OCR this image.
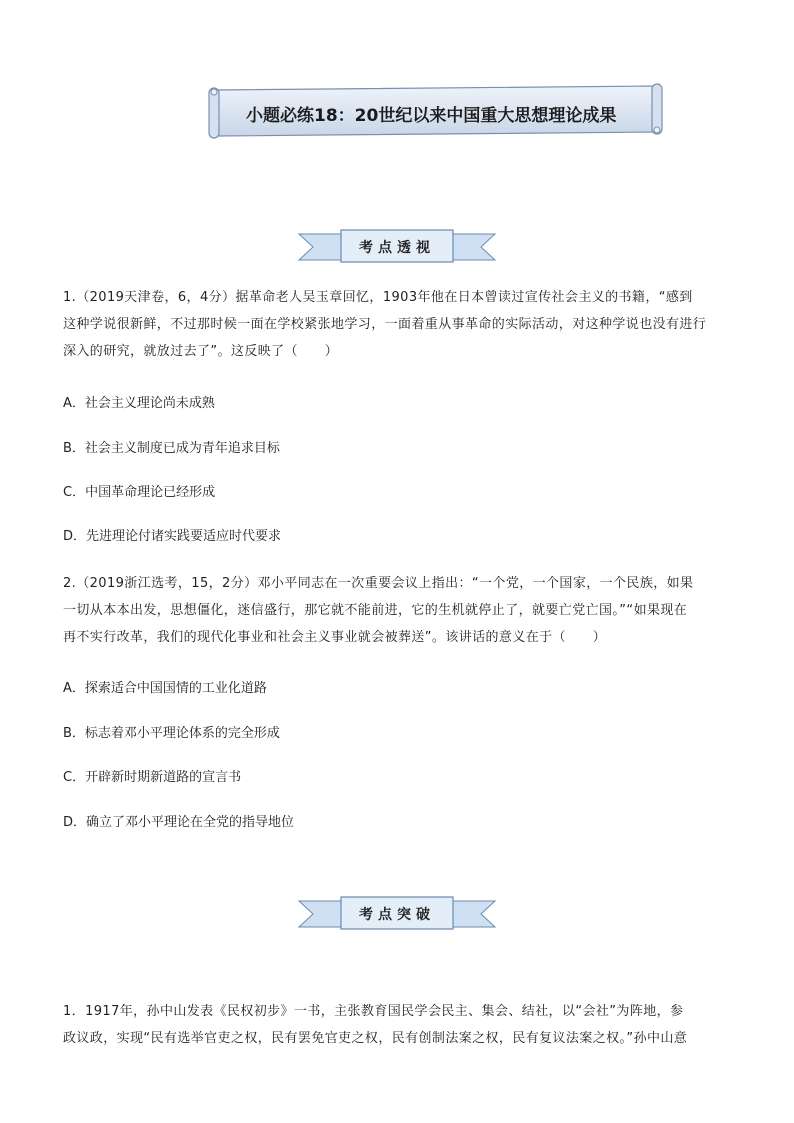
小题必练18：20世纪以来中国重大思想理论成果
考点透视
1.（2019天津卷，6，4分）据革命老人吴玉章回忆，1903年他在日本曾读过宣传社会主义的书籍，“感到
这种学说很新鲜，不过那时候一面在学校紧张地学习，一面着重从事革命的实际活动，对这种学说也没有进行
深入的研究，就放过去了”。这反映了（　　）
A．社会主义理论尚未成熟
B．社会主义制度已成为青年追求目标
C．中国革命理论已经形成
D．先进理论付诸实践要适应时代要求
2.（2019浙江选考，15，2分）邓小平同志在一次重要会议上指出：“一个党，一个国家，一个民族，如果
一切从本本出发，思想僵化，迷信盛行，那它就不能前进，它的生机就停止了，就要亡党亡国。”“如果现在
再不实行改革，我们的现代化事业和社会主义事业就会被葬送”。该讲话的意义在于（　　）
A．探索适合中国国情的工业化道路
B．标志着邓小平理论体系的完全形成
C．开辟新时期新道路的宣言书
D．确立了邓小平理论在全党的指导地位
考点突破
1．1917年，孙中山发表《民权初步》一书，主张教育国民学会民主、集会、结社，以“会社”为阵地，参
政议政，实现“民有选举官吏之权，民有罢免官吏之权，民有创制法案之权，民有复议法案之权。”孙中山意
